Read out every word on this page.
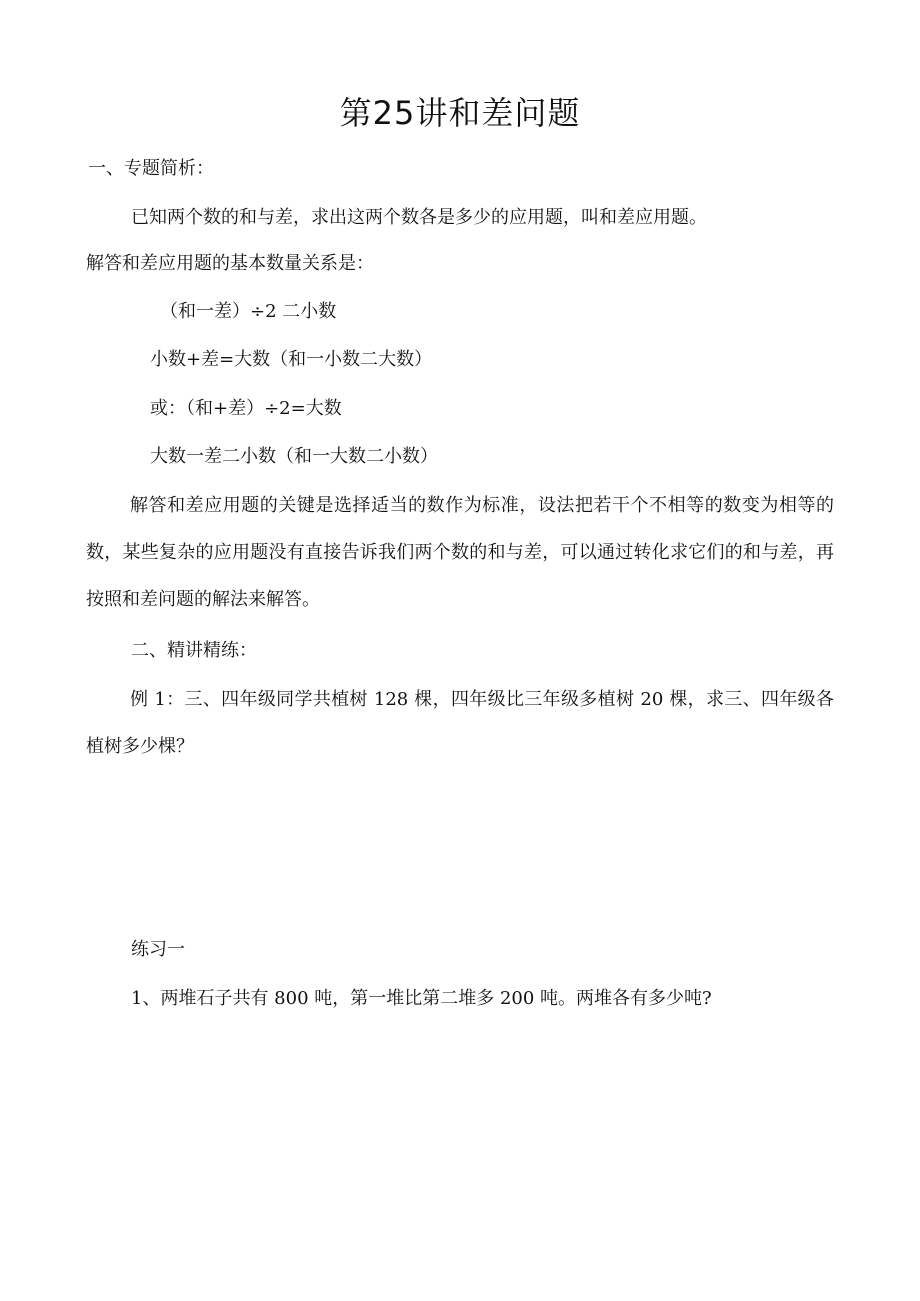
第25讲和差问题
一、专题简析：
已知两个数的和与差，求出这两个数各是多少的应用题，叫和差应用题。
解答和差应用题的基本数量关系是：
（和一差）÷2 二小数
小数+差=大数（和一小数二大数）
或：（和+差）÷2=大数
大数一差二小数（和一大数二小数）
解答和差应用题的关键是选择适当的数作为标准，设法把若干个不相等的数变为相等的数，某些复杂的应用题没有直接告诉我们两个数的和与差，可以通过转化求它们的和与差，再按照和差问题的解法来解答。
二、精讲精练：
例 1：三、四年级同学共植树 128 棵，四年级比三年级多植树 20 棵，求三、四年级各植树多少棵？
练习一
1、两堆石子共有 800 吨，第一堆比第二堆多 200 吨。两堆各有多少吨?
